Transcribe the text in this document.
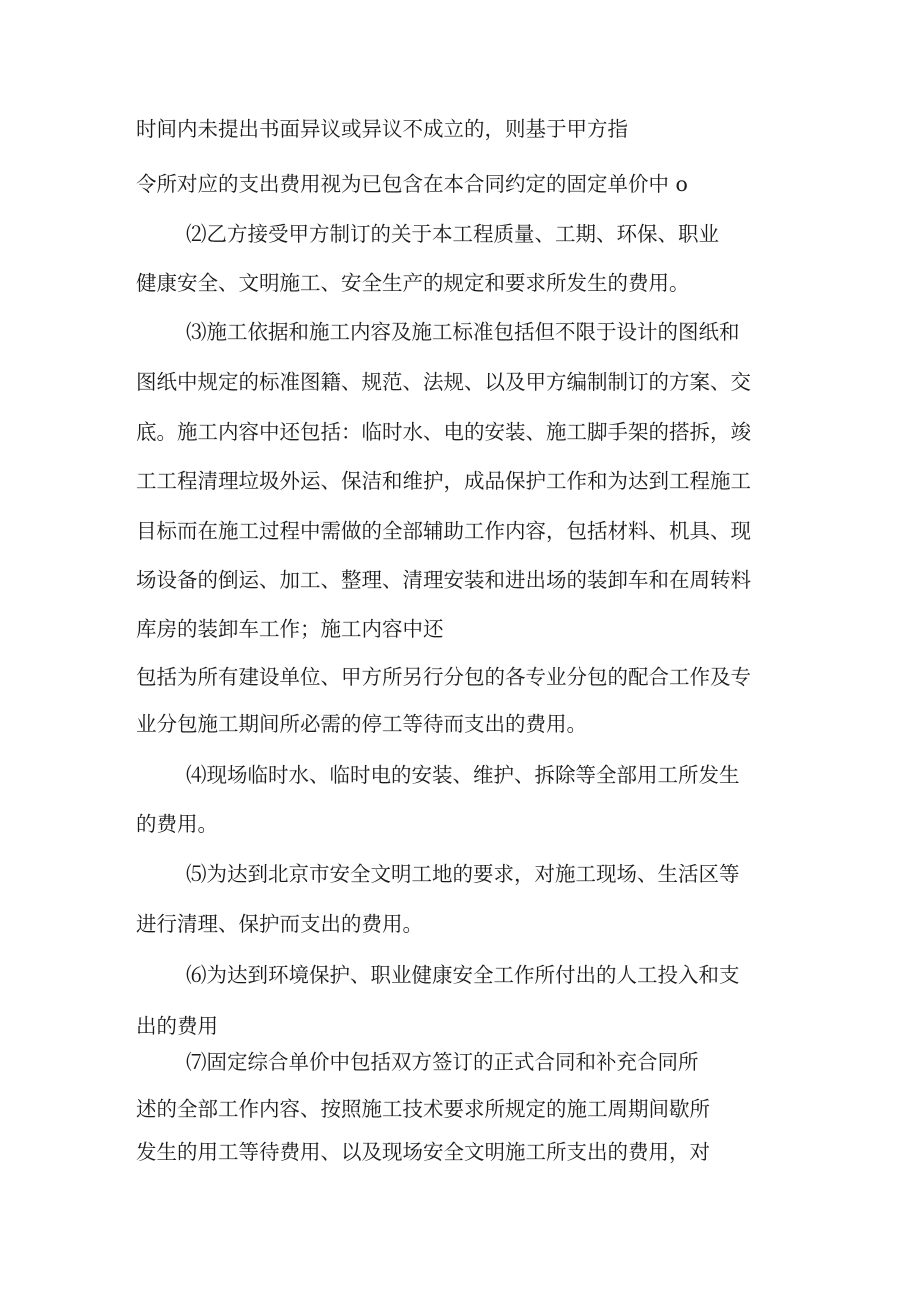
时间内未提出书面异议或异议不成立的，则基于甲方指
令所对应的支出费用视为已包含在本合同约定的固定单价中 o
⑵乙方接受甲方制订的关于本工程质量、工期、环保、职业
健康安全、文明施工、安全生产的规定和要求所发生的费用。
⑶施工依据和施工内容及施工标准包括但不限于设计的图纸和
图纸中规定的标准图籍、规范、法规、以及甲方编制制订的方案、交
底。施工内容中还包括：临时水、电的安装、施工脚手架的搭拆，竣
工工程清理垃圾外运、保洁和维护，成品保护工作和为达到工程施工
目标而在施工过程中需做的全部辅助工作内容，包括材料、机具、现
场设备的倒运、加工、整理、清理安装和进出场的装卸车和在周转料
库房的装卸车工作；施工内容中还
包括为所有建设单位、甲方所另行分包的各专业分包的配合工作及专
业分包施工期间所必需的停工等待而支出的费用。
⑷现场临时水、临时电的安装、维护、拆除等全部用工所发生
的费用。
⑸为达到北京市安全文明工地的要求，对施工现场、生活区等
进行清理、保护而支出的费用。
⑹为达到环境保护、职业健康安全工作所付出的人工投入和支
出的费用
⑺固定综合单价中包括双方签订的正式合同和补充合同所
述的全部工作内容、按照施工技术要求所规定的施工周期间歇所
发生的用工等待费用、以及现场安全文明施工所支出的费用，对
